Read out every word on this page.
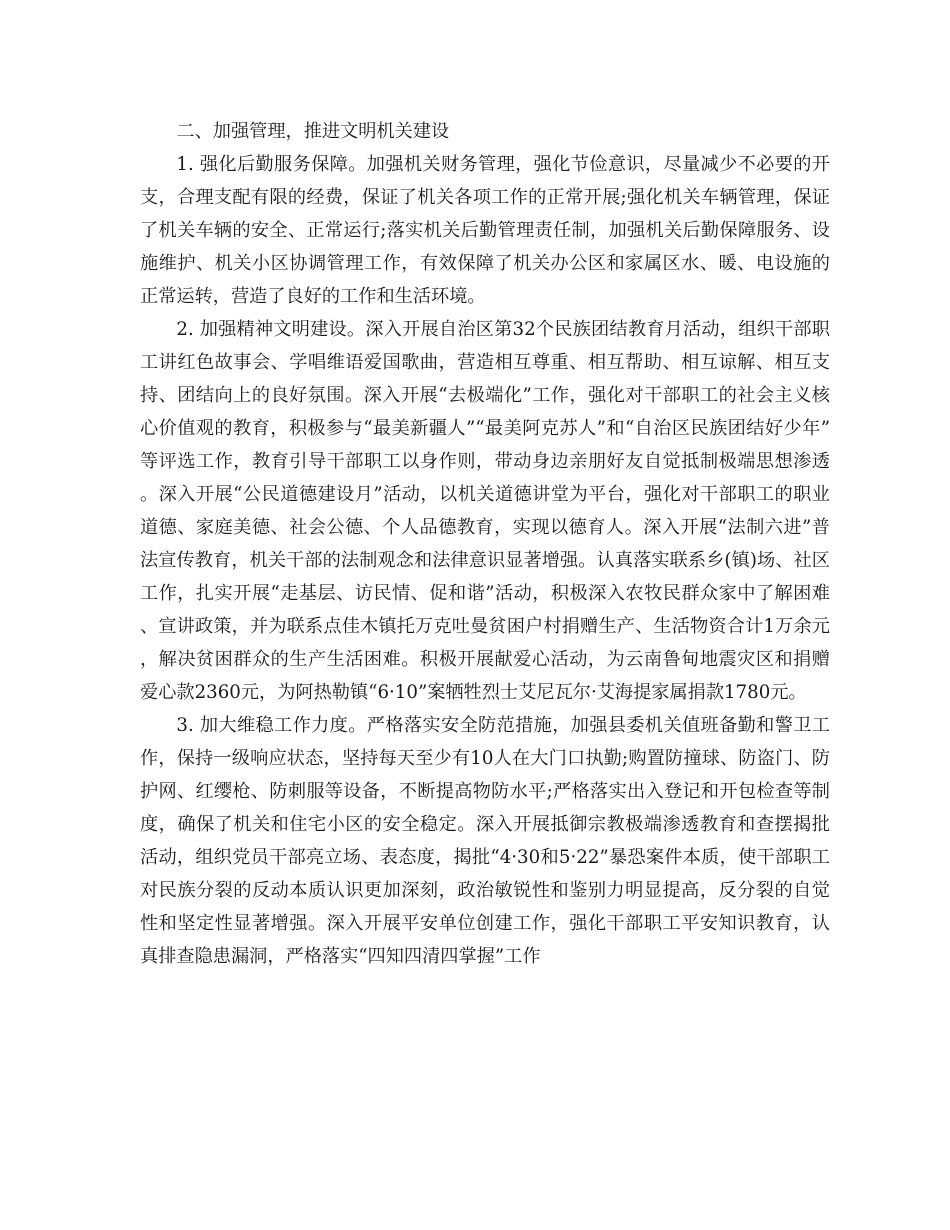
二、加强管理，推进文明机关建设

1. 强化后勤服务保障。加强机关财务管理，强化节俭意识，尽量减少不必要的开支，合理支配有限的经费，保证了机关各项工作的正常开展;强化机关车辆管理，保证了机关车辆的安全、正常运行;落实机关后勤管理责任制，加强机关后勤保障服务、设施维护、机关小区协调管理工作，有效保障了机关办公区和家属区水、暖、电设施的正常运转，营造了良好的工作和生活环境。

2. 加强精神文明建设。深入开展自治区第32个民族团结教育月活动，组织干部职工讲红色故事会、学唱维语爱国歌曲，营造相互尊重、相互帮助、相互谅解、相互支持、团结向上的良好氛围。深入开展“去极端化”工作，强化对干部职工的社会主义核心价值观的教育，积极参与“最美新疆人”“最美阿克苏人”和“自治区民族团结好少年”等评选工作，教育引导干部职工以身作则，带动身边亲朋好友自觉抵制极端思想渗透。深入开展“公民道德建设月”活动，以机关道德讲堂为平台，强化对干部职工的职业道德、家庭美德、社会公德、个人品德教育，实现以德育人。深入开展“法制六进”普法宣传教育，机关干部的法制观念和法律意识显著增强。认真落实联系乡(镇)场、社区工作，扎实开展“走基层、访民情、促和谐”活动，积极深入农牧民群众家中了解困难、宣讲政策，并为联系点佳木镇托万克吐曼贫困户村捐赠生产、生活物资合计1万余元，解决贫困群众的生产生活困难。积极开展献爱心活动，为云南鲁甸地震灾区和捐赠爱心款2360元，为阿热勒镇“6·10”案牺牲烈士艾尼瓦尔·艾海提家属捐款1780元。

3. 加大维稳工作力度。严格落实安全防范措施，加强县委机关值班备勤和警卫工作，保持一级响应状态，坚持每天至少有10人在大门口执勤;购置防撞球、防盗门、防护网、红缨枪、防刺服等设备，不断提高物防水平;严格落实出入登记和开包检查等制度，确保了机关和住宅小区的安全稳定。深入开展抵御宗教极端渗透教育和查摆揭批活动，组织党员干部亮立场、表态度，揭批“4·30和5·22”暴恐案件本质，使干部职工对民族分裂的反动本质认识更加深刻，政治敏锐性和鉴别力明显提高，反分裂的自觉性和坚定性显著增强。深入开展平安单位创建工作，强化干部职工平安知识教育，认真排查隐患漏洞，严格落实“四知四清四掌握”工作
